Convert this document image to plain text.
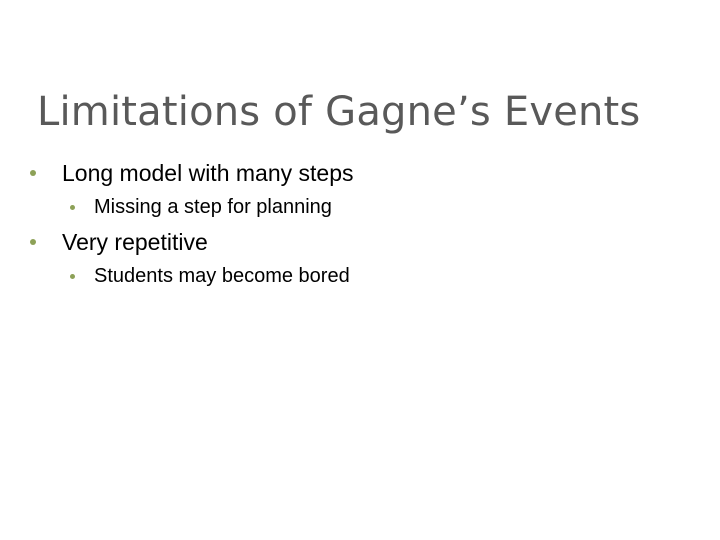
Limitations of Gagne’s Events
Long model with many steps
Missing a step for planning
Very repetitive
Students may become bored
